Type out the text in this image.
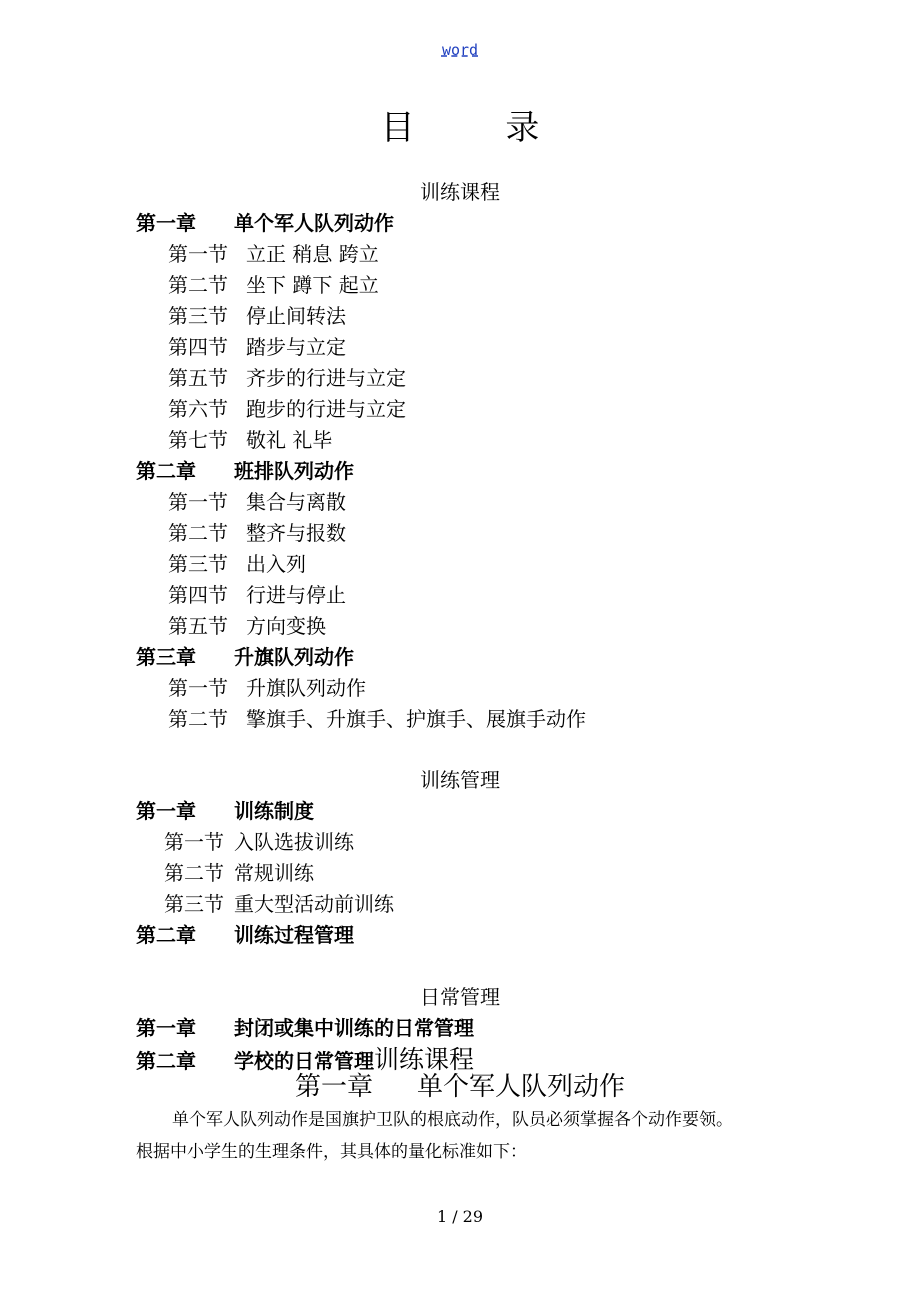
word
目 录
训练课程
第一章 单个军人队列动作
第一节 立正 稍息 跨立
第二节 坐下 蹲下 起立
第三节 停止间转法
第四节 踏步与立定
第五节 齐步的行进与立定
第六节 跑步的行进与立定
第七节 敬礼 礼毕
第二章 班排队列动作
第一节 集合与离散
第二节 整齐与报数
第三节 出入列
第四节 行进与停止
第五节 方向变换
第三章 升旗队列动作
第一节 升旗队列动作
第二节 擎旗手、升旗手、护旗手、展旗手动作
训练管理
第一章 训练制度
第一节 入队选拔训练
第二节 常规训练
第三节 重大型活动前训练
第二章 训练过程管理
日常管理
第一章 封闭或集中训练的日常管理
第二章 学校的日常管理训练课程
第一章 单个军人队列动作

单个军人队列动作是国旗护卫队的根底动作，队员必须掌握各个动作要领。

根据中小学生的生理条件，其具体的量化标准如下：

1 / 29
